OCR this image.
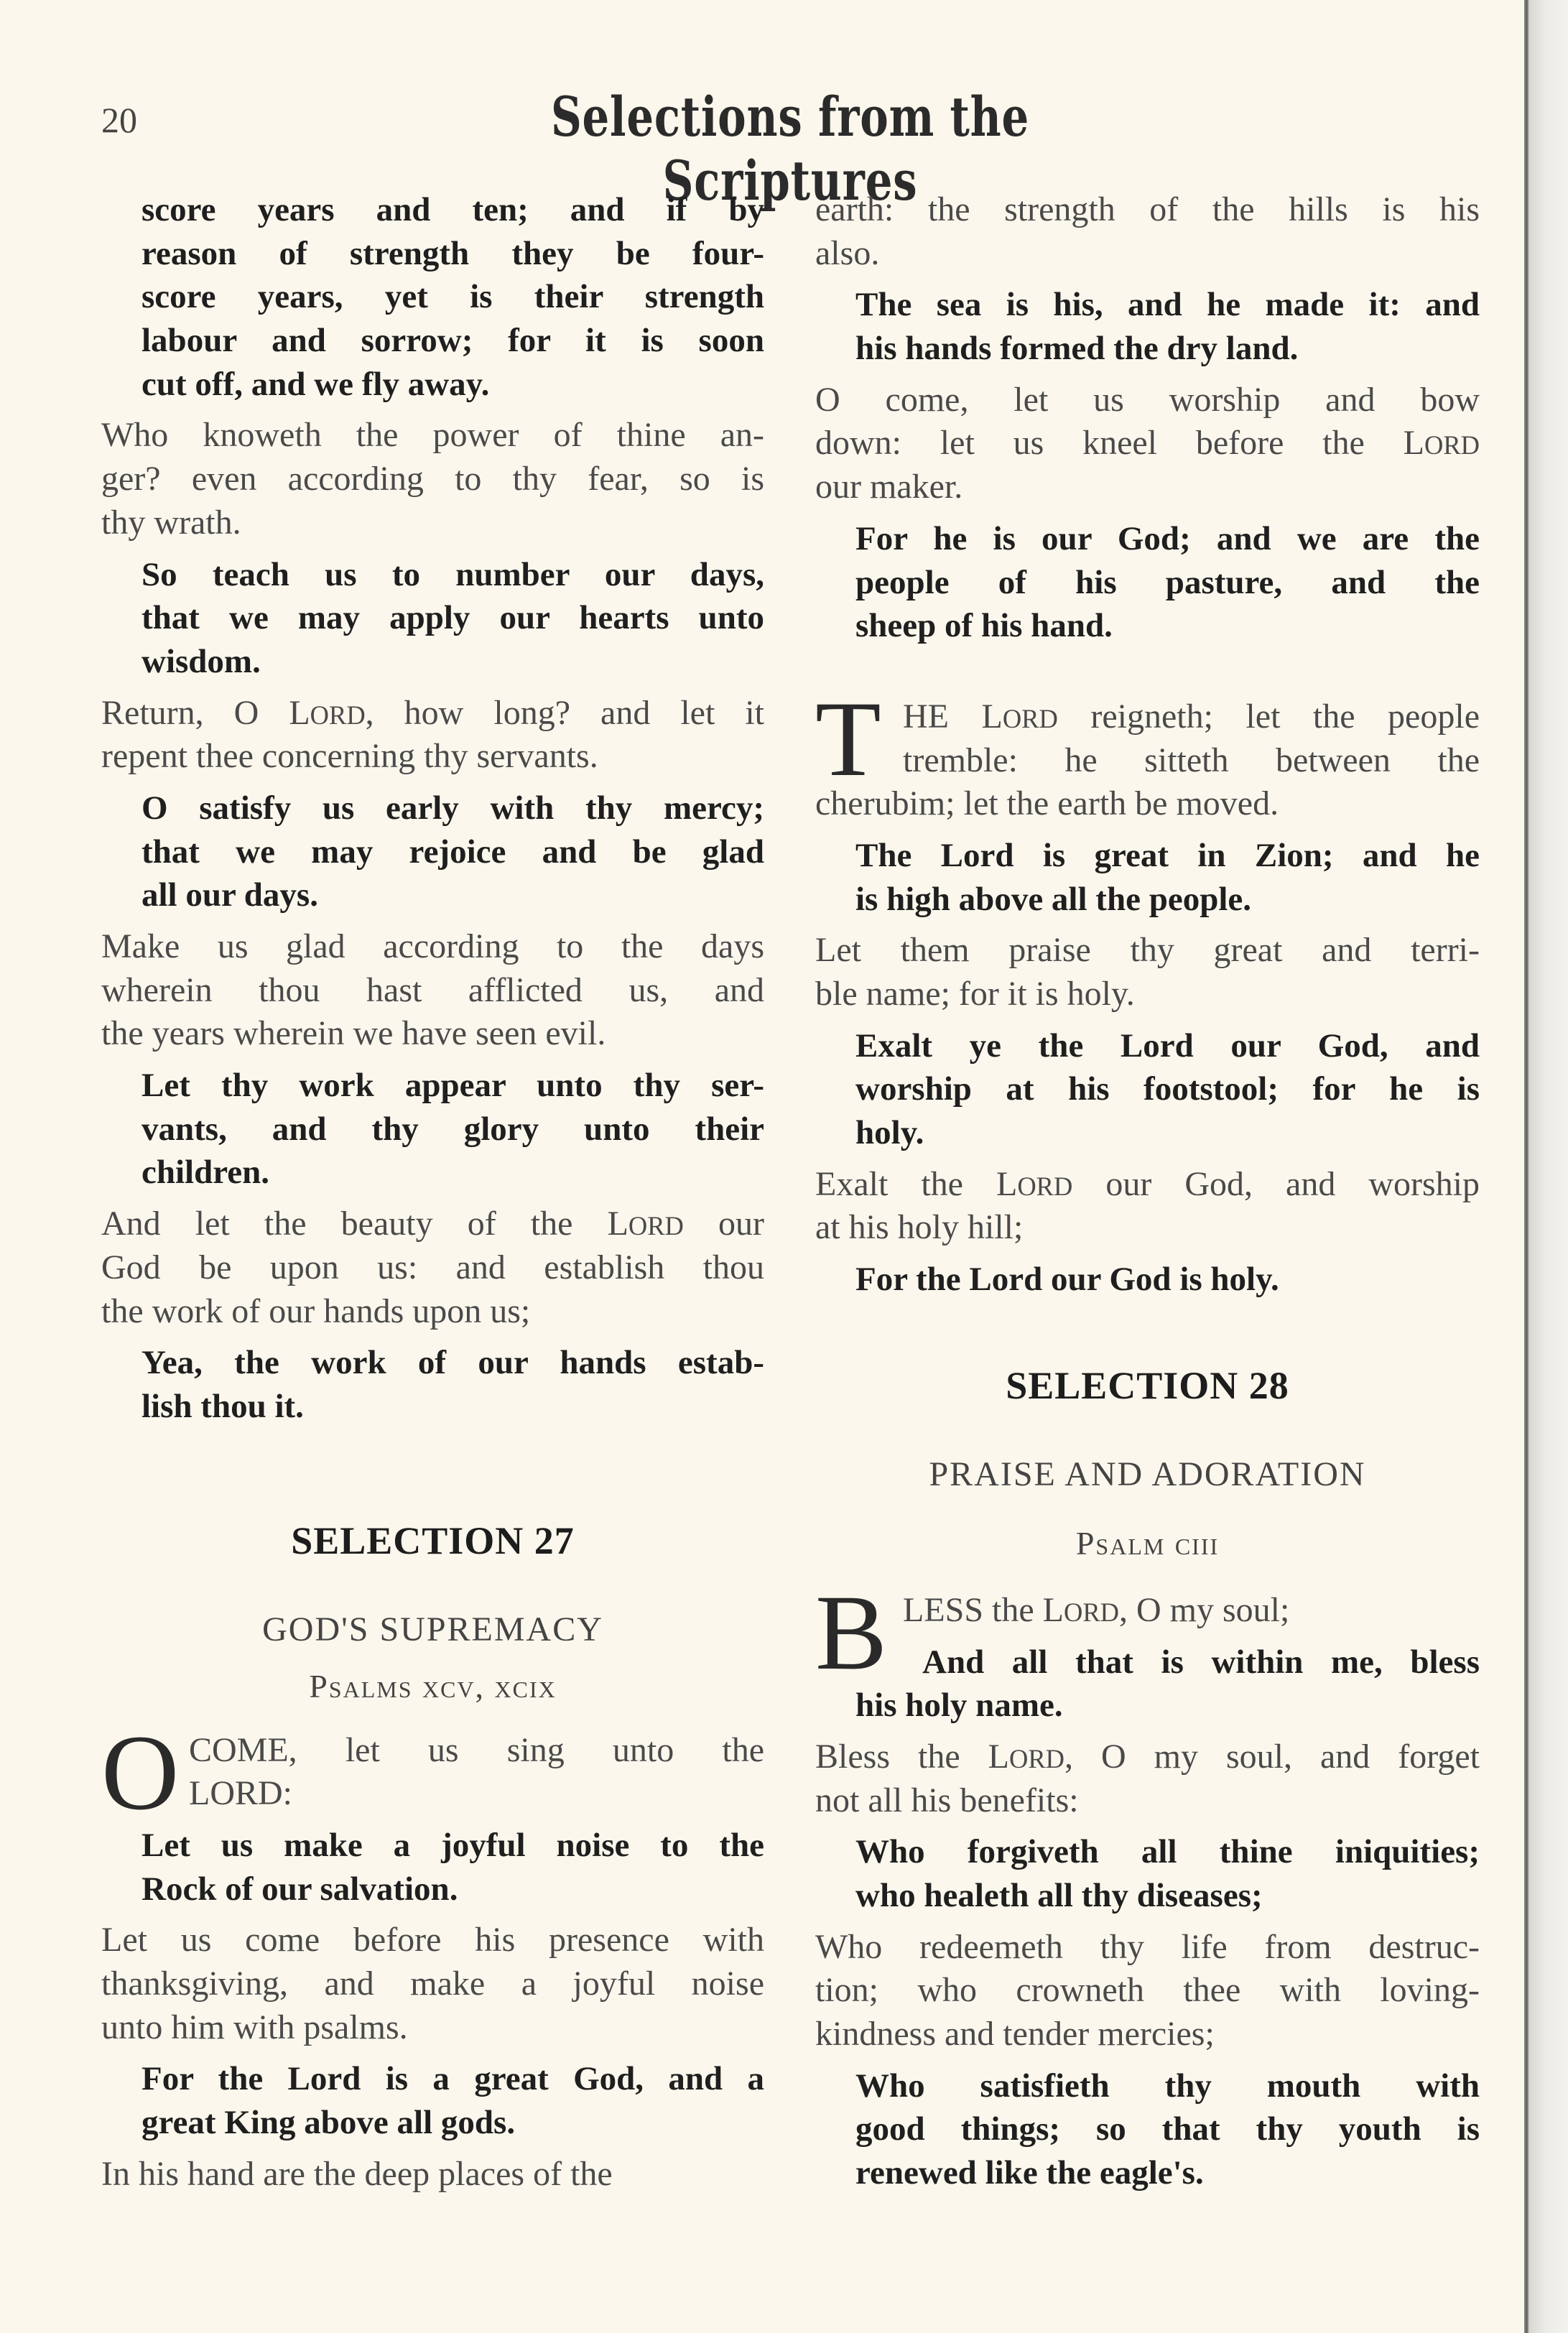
20	Selections from the Scriptures
score years and ten; and if by
reason of strength they be four-
score years, yet is their strength
labour and sorrow; for it is soon
cut off, and we fly away.
Who knoweth the power of thine an-
ger? even according to thy fear, so is
thy wrath.
So teach us to number our days,
that we may apply our hearts unto
wisdom.
Return, O LORD, how long? and let it
repent thee concerning thy servants.
O satisfy us early with thy mercy;
that we may rejoice and be glad
all our days.
Make us glad according to the days
wherein thou hast afflicted us, and
the years wherein we have seen evil.
Let thy work appear unto thy ser-
vants, and thy glory unto their
children.
And let the beauty of the LORD our
God be upon us: and establish thou
the work of our hands upon us;
Yea, the work of our hands estab-
lish thou it.
SELECTION 27
GOD'S SUPREMACY
Psalms xcv, xcix
O COME, let us sing unto the
LORD:
Let us make a joyful noise to the
Rock of our salvation.
Let us come before his presence with
thanksgiving, and make a joyful noise
unto him with psalms.
For the Lord is a great God, and a
great King above all gods.
In his hand are the deep places of the
earth: the strength of the hills is his
also.
The sea is his, and he made it: and
his hands formed the dry land.
O come, let us worship and bow
down: let us kneel before the LORD
our maker.
For he is our God; and we are the
people of his pasture, and the
sheep of his hand.
T HE LORD reigneth; let the people
tremble: he sitteth between the
cherubim; let the earth be moved.
The Lord is great in Zion; and he
is high above all the people.
Let them praise thy great and terri-
ble name; for it is holy.
Exalt ye the Lord our God, and
worship at his footstool; for he is
holy.
Exalt the LORD our God, and worship
at his holy hill;
For the Lord our God is holy.
SELECTION 28
PRAISE AND ADORATION
Psalm ciii
B LESS the LORD, O my soul;
And all that is within me, bless
his holy name.
Bless the LORD, O my soul, and forget
not all his benefits:
Who forgiveth all thine iniquities;
who healeth all thy diseases;
Who redeemeth thy life from destruc-
tion; who crowneth thee with loving-
kindness and tender mercies;
Who satisfieth thy mouth with
good things; so that thy youth is
renewed like the eagle's.
